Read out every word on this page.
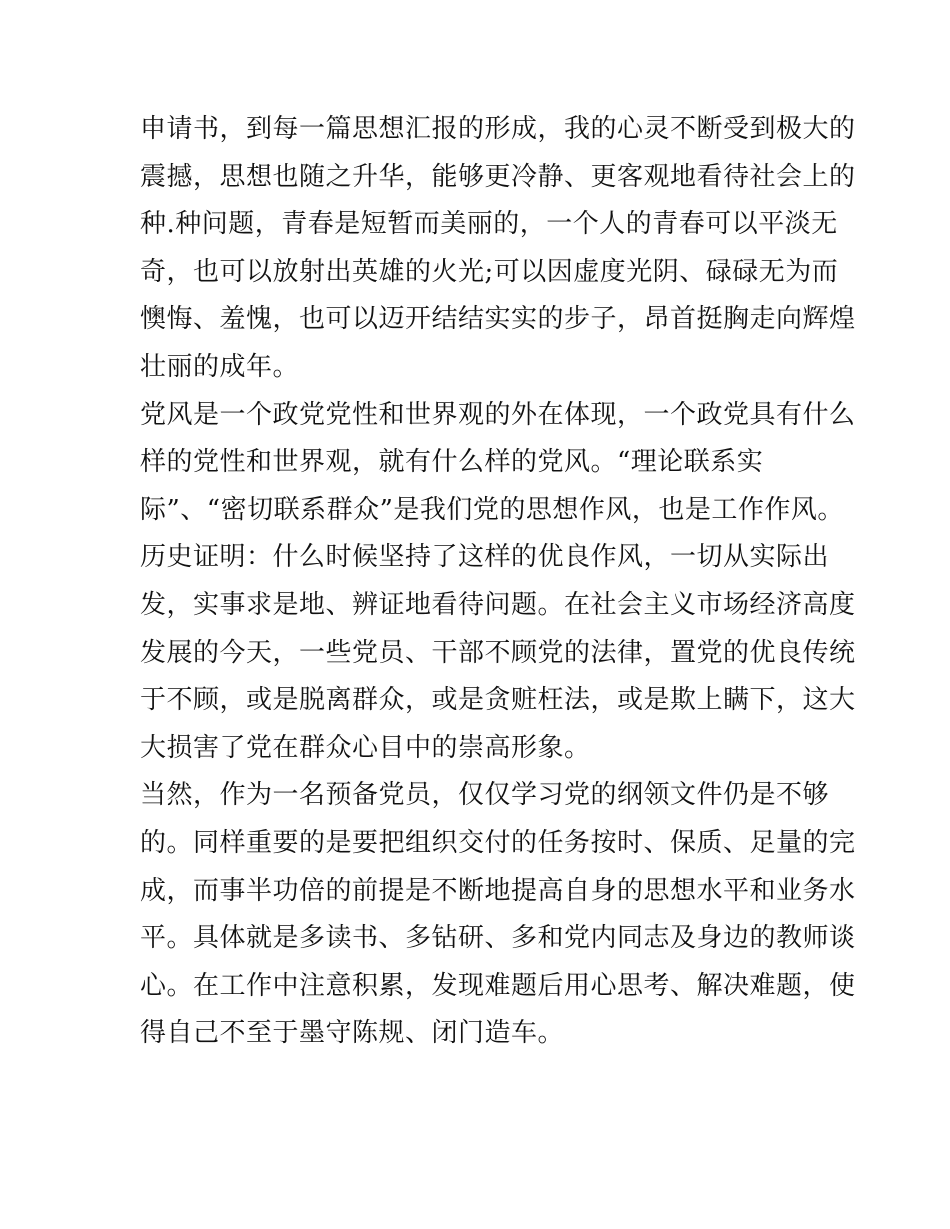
申请书，到每一篇思想汇报的形成，我的心灵不断受到极大的
震撼，思想也随之升华，能够更冷静、更客观地看待社会上的
种.种问题，青春是短暂而美丽的，一个人的青春可以平淡无
奇，也可以放射出英雄的火光;可以因虚度光阴、碌碌无为而
懊悔、羞愧，也可以迈开结结实实的步子，昂首挺胸走向辉煌
壮丽的成年。
党风是一个政党党性和世界观的外在体现，一个政党具有什么
样的党性和世界观，就有什么样的党风。“理论联系实
际”、“密切联系群众”是我们党的思想作风，也是工作作风。
历史证明：什么时候坚持了这样的优良作风，一切从实际出
发，实事求是地、辨证地看待问题。在社会主义市场经济高度
发展的今天，一些党员、干部不顾党的法律，置党的优良传统
于不顾，或是脱离群众，或是贪赃枉法，或是欺上瞒下，这大
大损害了党在群众心目中的崇高形象。
当然，作为一名预备党员，仅仅学习党的纲领文件仍是不够
的。同样重要的是要把组织交付的任务按时、保质、足量的完
成，而事半功倍的前提是不断地提高自身的思想水平和业务水
平。具体就是多读书、多钻研、多和党内同志及身边的教师谈
心。在工作中注意积累，发现难题后用心思考、解决难题，使
得自己不至于墨守陈规、闭门造车。
